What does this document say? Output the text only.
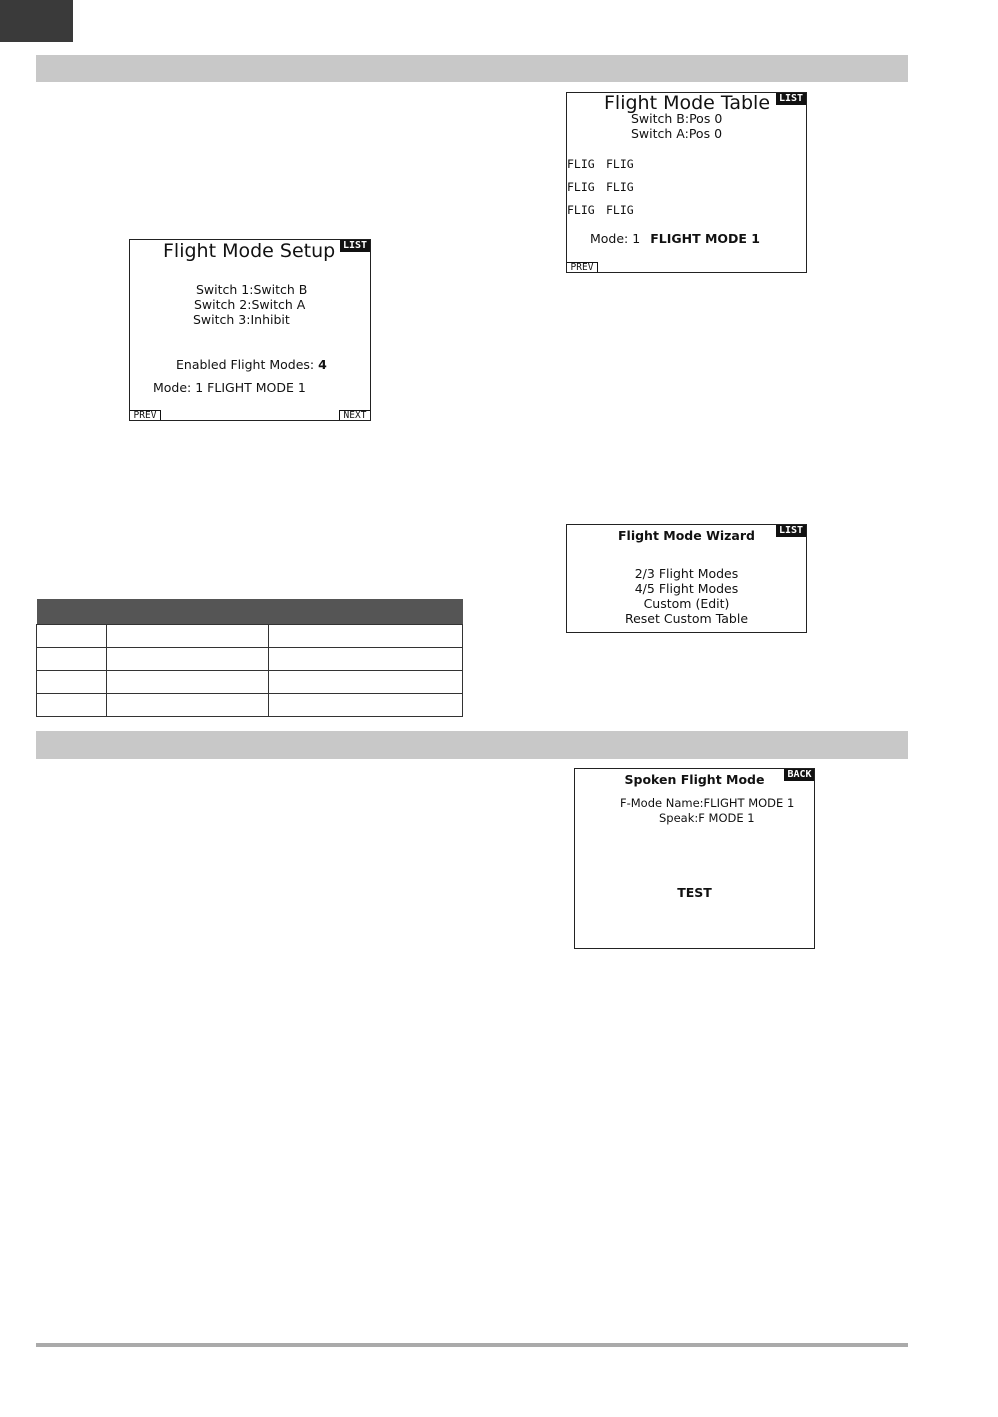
Flight Mode Setup LIST
Switch 1:Switch B
Switch 2:Switch A
Switch 3:Inhibit
Enabled Flight Modes: 4
Mode: 1 FLIGHT MODE 1
PREV	NEXT
Flight Mode Table LIST
Switch B:Pos 0
Switch A:Pos 0
FLIG FLIG
FLIG FLIG
FLIG FLIG
Mode: 1 FLIGHT MODE 1
PREV
Flight Mode Wizard	LIST
2/3 Flight Modes
4/5 Flight Modes
Custom (Edit)
Reset Custom Table
Spoken Flight Mode	BACK
F-Mode Name:FLIGHT MODE 1
Speak:F MODE 1
TEST
